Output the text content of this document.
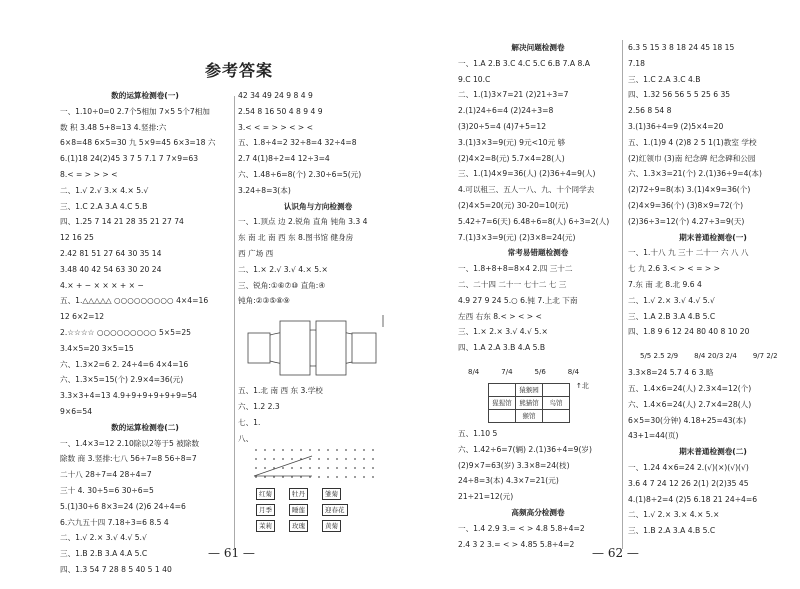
参考答案
数的运算检测卷(一)
一、1.10÷0=0 2.7个5相加 7×5 5个7相加
数 积 3.48 5+8=13 4.竖排:六
6×8=48 6×5=30 九 5×9=45 6×3=18 六
6.(1)18 24(2)45 3 7 5 7.1 7 7×9=63
8.< = > > > <
二、1.√ 2.√ 3.× 4.× 5.√
三、1.C 2.A 3.A 4.C 5.B
四、1.25 7 14 21 28 35 21 27 74
12 16 25
2.42 81 51 27 64 30 35 14
3.48 40 42 54 63 30 20 24
4.× + − × × × + × −
五、1.△△△△△ ○○○○○○○○○ 4×4=16
12 6×2=12
2.☆☆☆☆ ○○○○○○○○○ 5×5=25
3.4×5=20 3×5=15
六、1.3×2=6 2. 24÷4=6 4×4=16
六、1.3×5=15(个) 2.9×4=36(元)
3.3×3+4=13 4.9+9+9+9+9+9=54
9×6=54
数的运算检测卷(二)
一、1.4×3=12 2.10除以2等于5 被除数
除数 商 3.竖排:七八 56÷7=8 56÷8=7
二十八 28÷7=4 28÷4=7
三十 4. 30÷5=6 30÷6=5
5.(1)30÷6 8×3=24 (2)6 24÷4=6
6.六九五十四 7.18÷3=6 8.5 4
二、1.√ 2.× 3.√ 4.√ 5.√
三、1.B 2.B 3.A 4.A 5.C
四、1.3 54 7 28 8 5 40 5 1 40
42 34 49 24 9 8 4 9
2.54 8 16 50 4 8 9 4 9
3.< < = > > < > <
五、1.8÷4=2 32÷8=4 32÷4=8
2.7 4(1)8÷2=4 12÷3=4
六、1.48÷6=8(个) 2.30÷6=5(元)
3.24÷8=3(本)
认识角与方向检测卷
一、1.顶点 边 2.锐角 直角 钝角 3.3 4
东 南 北 南 西 东 8.图书馆 健身房
西 广场 西
二、1.× 2.√ 3.√ 4.× 5.×
三、锐角:①⑥⑦⑩ 直角:④
钝角:②③⑤⑧⑨
五、1.北 南 西 东 3.学校
六、1.2 2.3
七、1.
八、
红菊	牡丹	雏菊
月季	睡莲	迎春花
茉莉	玫瑰	黄菊
— 61 —
解决问题检测卷
一、1.A 2.B 3.C 4.C 5.C 6.B 7.A 8.A
9.C 10.C
二、1.(1)3×7=21 (2)21÷3=7
2.(1)24÷6=4 (2)24÷3=8
(3)20÷5=4 (4)7+5=12
3.(1)3×3=9(元) 9元<10元 够
(2)4×2=8(元) 5.7×4=28(人)
三、1.(1)4×9=36(人) (2)36÷4=9(人)
4.可以租三、五人一八、九、十个同学去
(2)4×5=20(元) 30-20=10(元)
5.42÷7=6(天) 6.48÷6=8(人) 6÷3=2(人)
7.(1)3×3=9(元) (2)3×8=24(元)
常考易错题检测卷
一、1.8+8+8=8×4 2.四 三十二
二、二十四 二十一 七十二 七 三
4.9 27 9 24 5.○ 6.钝 7.上北 下南
左西 右东 8.< > < > <
三、1.× 2.× 3.√ 4.√ 5.×
四、1.A 2.A 3.B 4.A 5.B
8/4	7/4	5/6	8/4
	猿猴园	
猩猩馆	熊猫馆	鸟馆
	猴馆	$^{↑北}$
五、1.10 5
六、1.42÷6=7(辆) 2.(1)36÷4=9(岁)
(2)9×7=63(岁) 3.3×8=24(枝)
24÷8=3(本) 4.3×7=21(元)
21÷21=12(元)
高频高分检测卷
一、1.4 2.9 3.= < > 4.8 5.8÷4=2
2.4 3 2 3.= < > 4.85 5.8÷4=2
6.3 5 15 3 8 18 24 45 18 15
7.18
三、1.C 2.A 3.C 4.B
四、1.32 56 56 5 5 25 6 35
2.56 8 54 8
3.(1)36÷4=9 (2)5×4=20
五、1.(1)9 4 (2)8 2 5 1(1)教室 学校
(2)红领巾 (3)南 纪念碑 纪念碑和公园
六、1.3×3=21(个) 2.(1)36÷9=4(本)
(2)72÷9=8(本) 3.(1)4×9=36(个)
(2)4×9=36(个) (3)8×9=72(个)
(2)36÷3=12(个) 4.27÷3=9(天)
期末普通检测卷(一)
一、1.十八 九 三十 二十一 六 八 八
七 九 2.6 3.< > < = > >
7.东 南 北 8.北 9.6 4
二、1.√ 2.× 3.√ 4.√ 5.√
三、1.A 2.B 3.A 4.B 5.C
四、1.8 9 6 12 24 80 40 8 10 20
5/5 2.5 2/9 8/4 20/3 2/4 9/7 2/2
3.3×8=24 5.7 4 6 3.略
五、1.4×6=24(人) 2.3×4=12(个)
六、1.4×6=24(人) 2.7×4=28(人)
6×5=30(分钟) 4.18+25=43(本)
43+1=44(页)
期末普通检测卷(二)
一、1.24 4×6=24 2.(√)(×)(√)(√)
3.6 4 7 24 12 26 2(1) 2(2)35 45
4.(1)8÷2=4 (2)5 6.18 21 24÷4=6
二、1.√ 2.× 3.× 4.× 5.×
三、1.B 2.A 3.A 4.B 5.C
— 62 —
